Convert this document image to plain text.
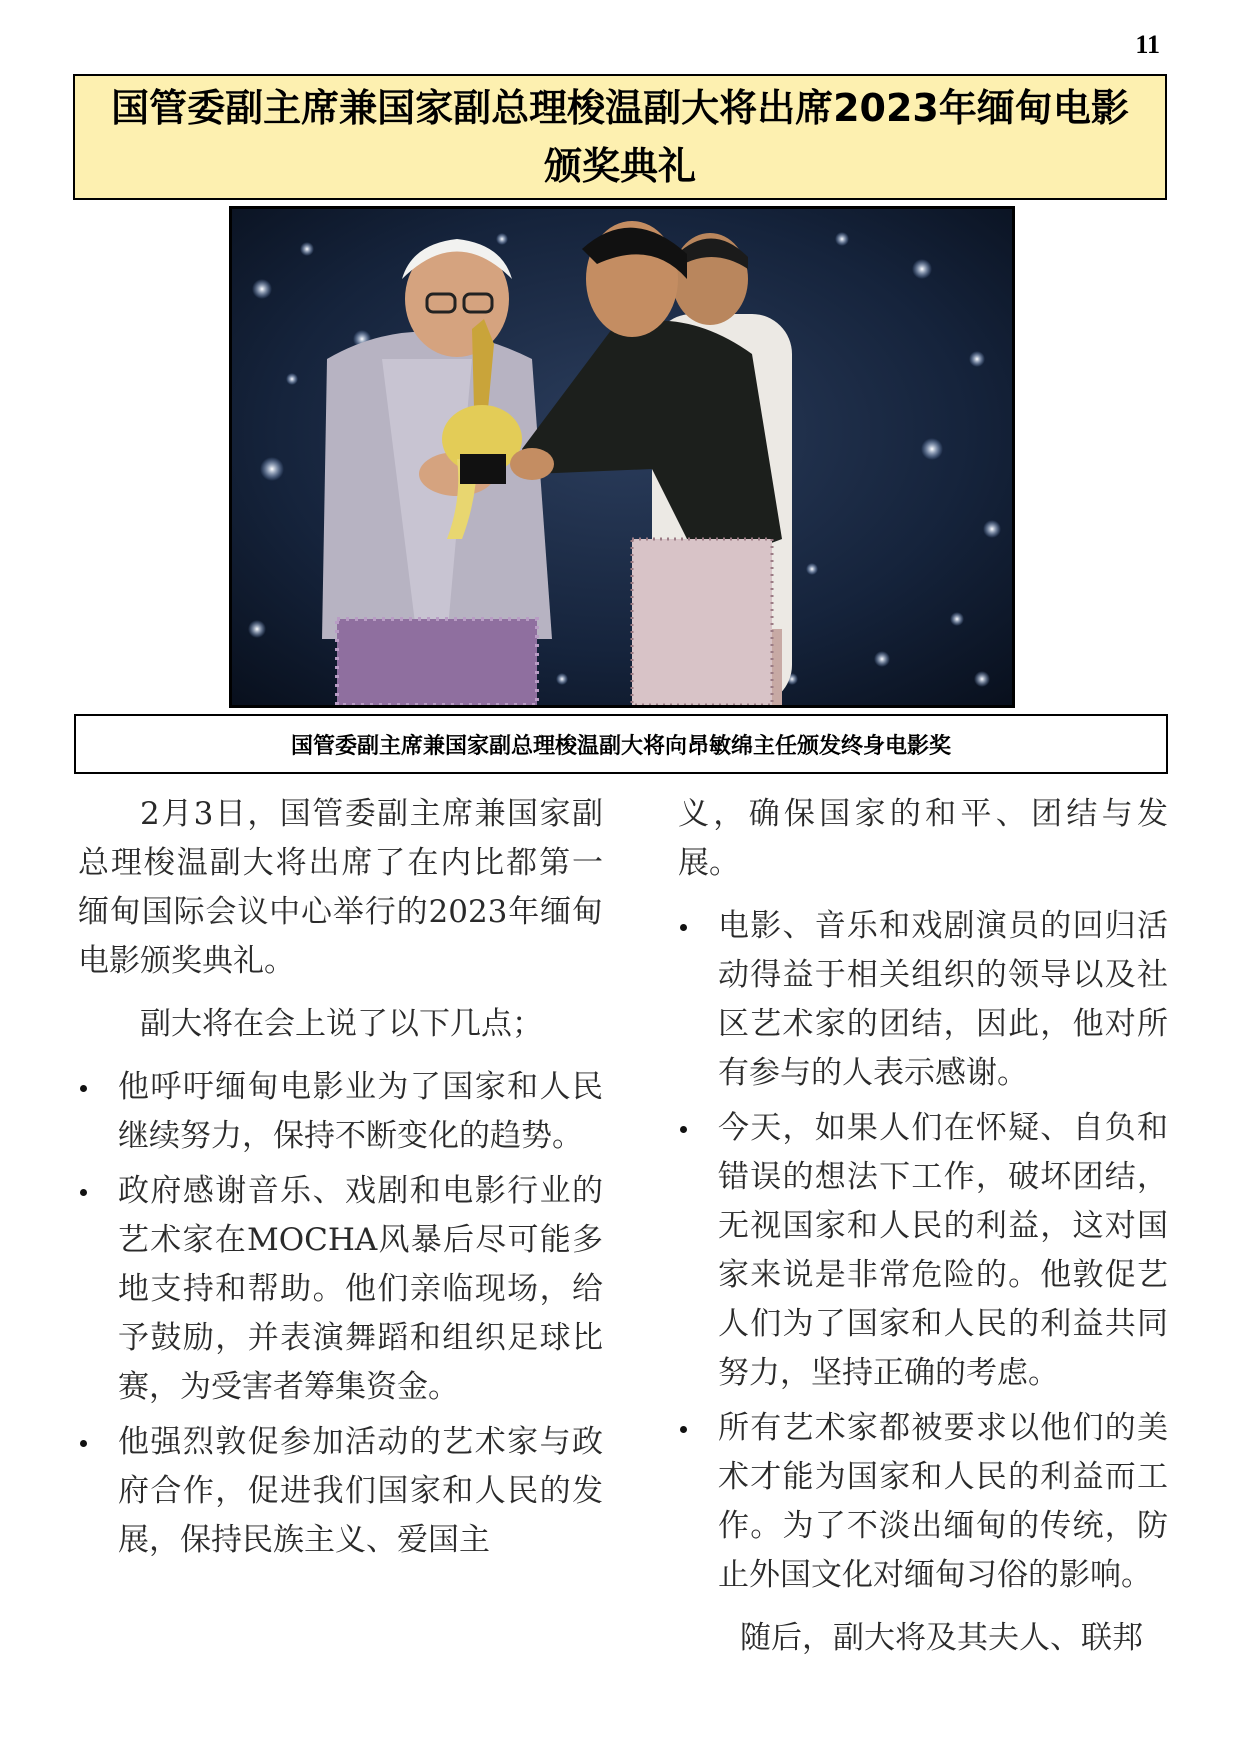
11
国管委副主席兼国家副总理梭温副大将出席2023年缅甸电影颁奖典礼
国管委副主席兼国家副总理梭温副大将向昂敏绵主任颁发终身电影奖

2月3日，国管委副主席兼国家副总理梭温副大将出席了在内比都第一缅甸国际会议中心举行的2023年缅甸电影颁奖典礼。

副大将在会上说了以下几点；

他呼吁缅甸电影业为了国家和人民继续努力，保持不断变化的趋势。
政府感谢音乐、戏剧和电影行业的艺术家在MOCHA风暴后尽可能多地支持和帮助。他们亲临现场，给予鼓励，并表演舞蹈和组织足球比赛，为受害者筹集资金。
他强烈敦促参加活动的艺术家与政府合作，促进我们国家和人民的发展，保持民族主义、爱国主

义，确保国家的和平、团结与发展。

电影、音乐和戏剧演员的回归活动得益于相关组织的领导以及社区艺术家的团结，因此，他对所有参与的人表示感谢。
今天，如果人们在怀疑、自负和错误的想法下工作，破坏团结，无视国家和人民的利益，这对国家来说是非常危险的。他敦促艺人们为了国家和人民的利益共同努力，坚持正确的考虑。
所有艺术家都被要求以他们的美术才能为国家和人民的利益而工作。为了不淡出缅甸的传统，防止外国文化对缅甸习俗的影响。

随后，副大将及其夫人、联邦
